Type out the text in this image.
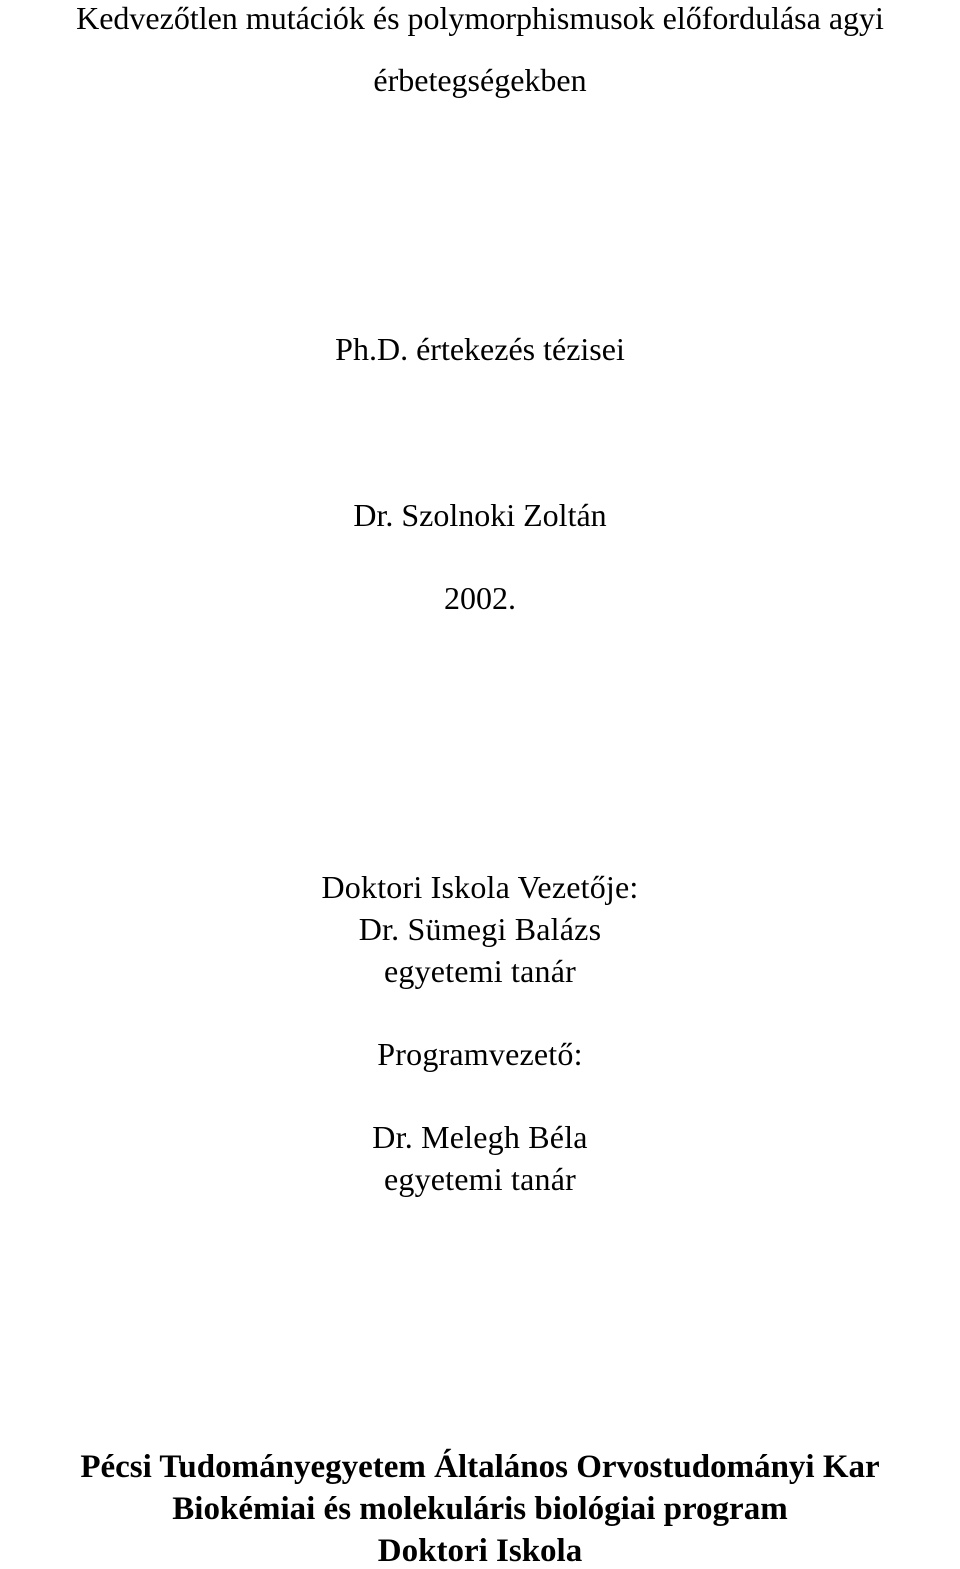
Kedvezőtlen mutációk és polymorphismusok előfordulása agyi
érbetegségekben
Ph.D. értekezés tézisei
Dr. Szolnoki Zoltán
2002.
Doktori Iskola Vezetője:
Dr. Sümegi Balázs
egyetemi tanár
Programvezető:
Dr. Melegh Béla
egyetemi tanár
Pécsi Tudományegyetem Általános Orvostudományi Kar
Biokémiai és molekuláris biológiai program
Doktori Iskola
